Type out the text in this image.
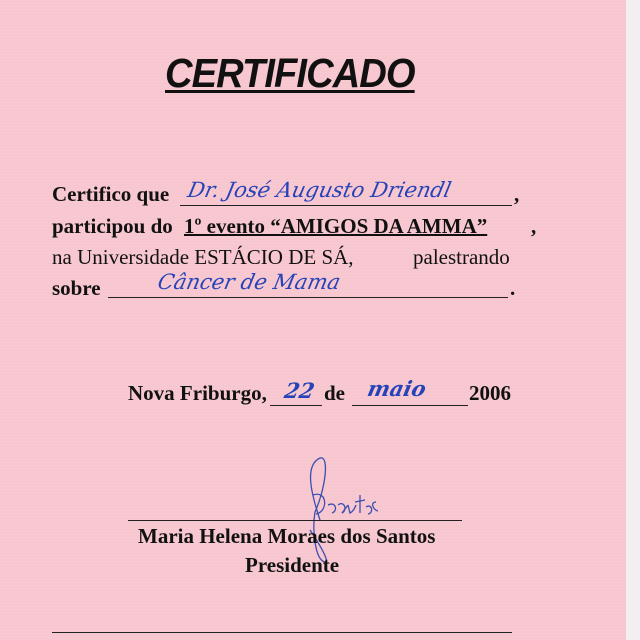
CERTIFICADO
Certifico que Dr. José Augusto Driendl	,
participou do 1º evento “AMIGOS DA AMMA” ,
na Universidade ESTÁCIO DE SÁ,	palestrando
sobre	Câncer de Mama	.
Nova Friburgo, 22 de maio 2006
Maria Helena Moraes dos Santos
Presidente
